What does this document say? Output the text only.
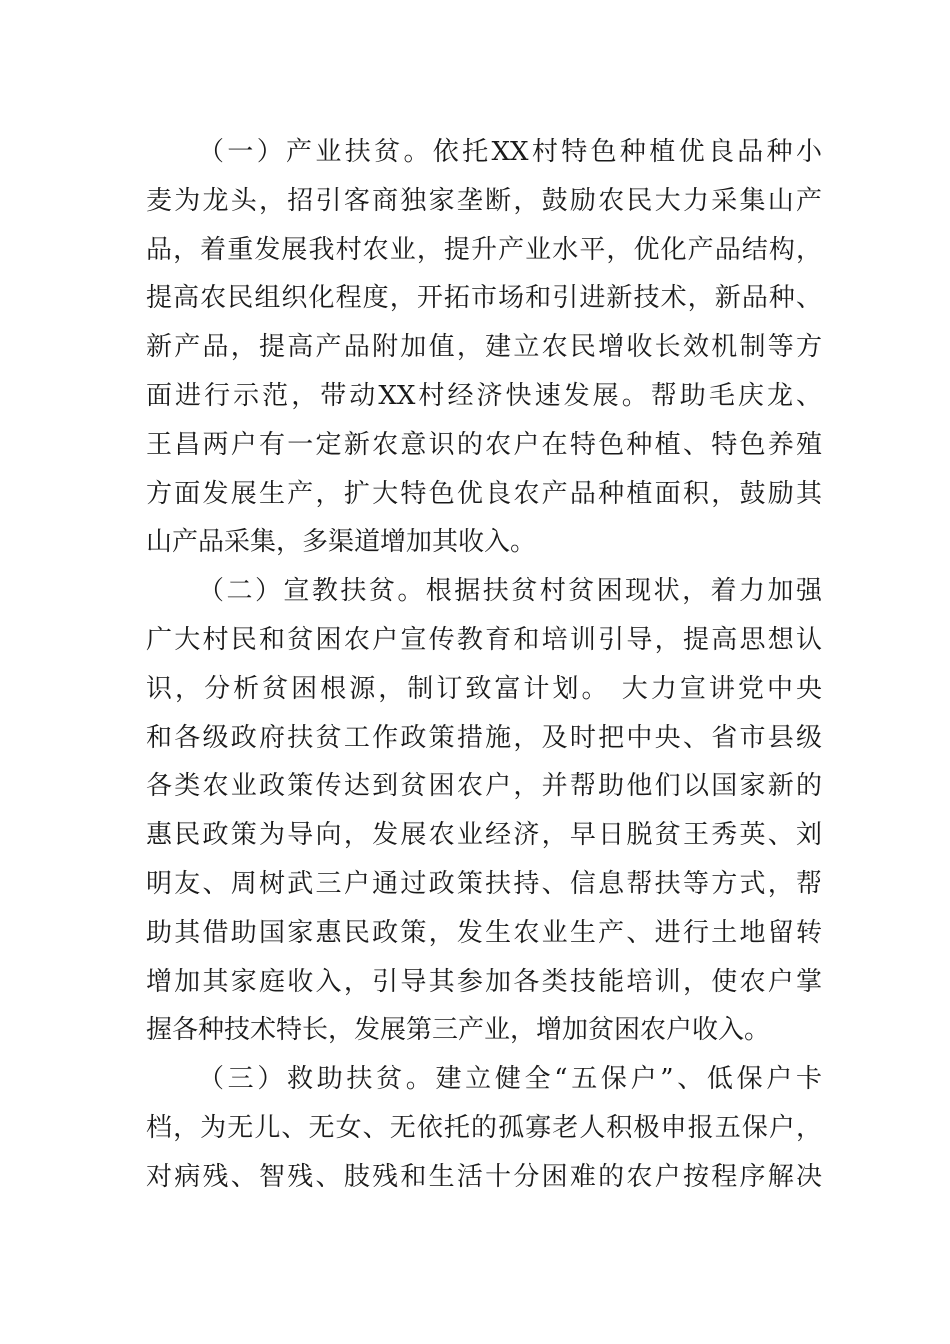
（一）产业扶贫。依托XX村特色种植优良品种小
麦为龙头，招引客商独家垄断，鼓励农民大力采集山产
品，着重发展我村农业，提升产业水平，优化产品结构，
提高农民组织化程度，开拓市场和引进新技术，新品种、
新产品，提高产品附加值，建立农民增收长效机制等方
面进行示范，带动XX村经济快速发展。帮助毛庆龙、
王昌两户有一定新农意识的农户在特色种植、特色养殖
方面发展生产，扩大特色优良农产品种植面积，鼓励其
山产品采集，多渠道增加其收入。
（二）宣教扶贫。根据扶贫村贫困现状，着力加强
广大村民和贫困农户宣传教育和培训引导，提高思想认
识，分析贫困根源，制订致富计划。 大力宣讲党中央
和各级政府扶贫工作政策措施，及时把中央、省市县级
各类农业政策传达到贫困农户，并帮助他们以国家新的
惠民政策为导向，发展农业经济，早日脱贫王秀英、刘
明友、周树武三户通过政策扶持、信息帮扶等方式，帮
助其借助国家惠民政策，发生农业生产、进行土地留转
增加其家庭收入，引导其参加各类技能培训，使农户掌
握各种技术特长，发展第三产业，增加贫困农户收入。
（三）救助扶贫。建立健全“五保户”、低保户卡
档，为无儿、无女、无依托的孤寡老人积极申报五保户，
对病残、智残、肢残和生活十分困难的农户按程序解决
